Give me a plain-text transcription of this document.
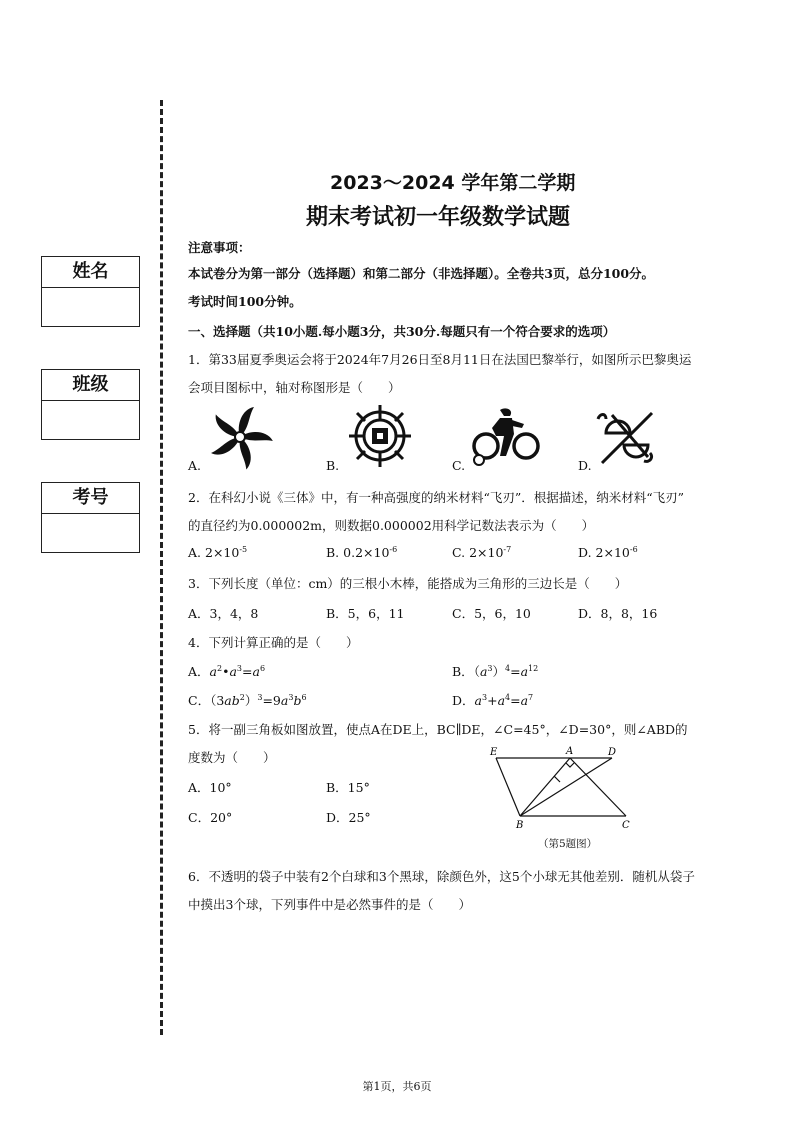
姓名
班级
考号
2023～2024 学年第二学期
期末考试初一年级数学试题
注意事项：
本试卷分为第一部分（选择题）和第二部分（非选择题）。全卷共3页，总分100分。
考试时间100分钟。
一、选择题（共10小题.每小题3分，共30分.每题只有一个符合要求的选项）
1．第33届夏季奥运会将于2024年7月26日至8月11日在法国巴黎举行，如图所示巴黎奥运
会项目图标中，轴对称图形是（　　）
A.	B.	C.	D.
2．在科幻小说《三体》中，有一种高强度的纳米材料“飞刃”．根据描述，纳米材料“飞刃”
的直径约为0.000002m，则数据0.000002用科学记数法表示为（　　）
A. $2\times 10^{-5}$	B. $0.2\times 10^{-6}$	C. $2\times 10^{-7}$	D. $2\times 10^{-6}$
3．下列长度（单位：cm）的三根小木棒，能搭成为三角形的三边长是（　　）
A．3，4，8	B．5，6，11	C．5，6，10	D．8，8，16
4．下列计算正确的是（　　）
A．$a^2•a^3=a^6$	B．$(a^3)^4=a^{12}$
C．$(3ab^2)^3=9a^3b^6$	D．$a^3+a^4=a^7$
5．将一副三角板如图放置，使点A在DE上，BC∥DE，∠C=45°，∠D=30°，则∠ABD的
度数为（　　）
A．10°	B．15°
C．20°	D．25°
E	A	D
B	C
（第5题图）
6．不透明的袋子中装有2个白球和3个黑球，除颜色外，这5个小球无其他差别．随机从袋子
中摸出3个球，下列事件中是必然事件的是（　　）
第1页，共6页
